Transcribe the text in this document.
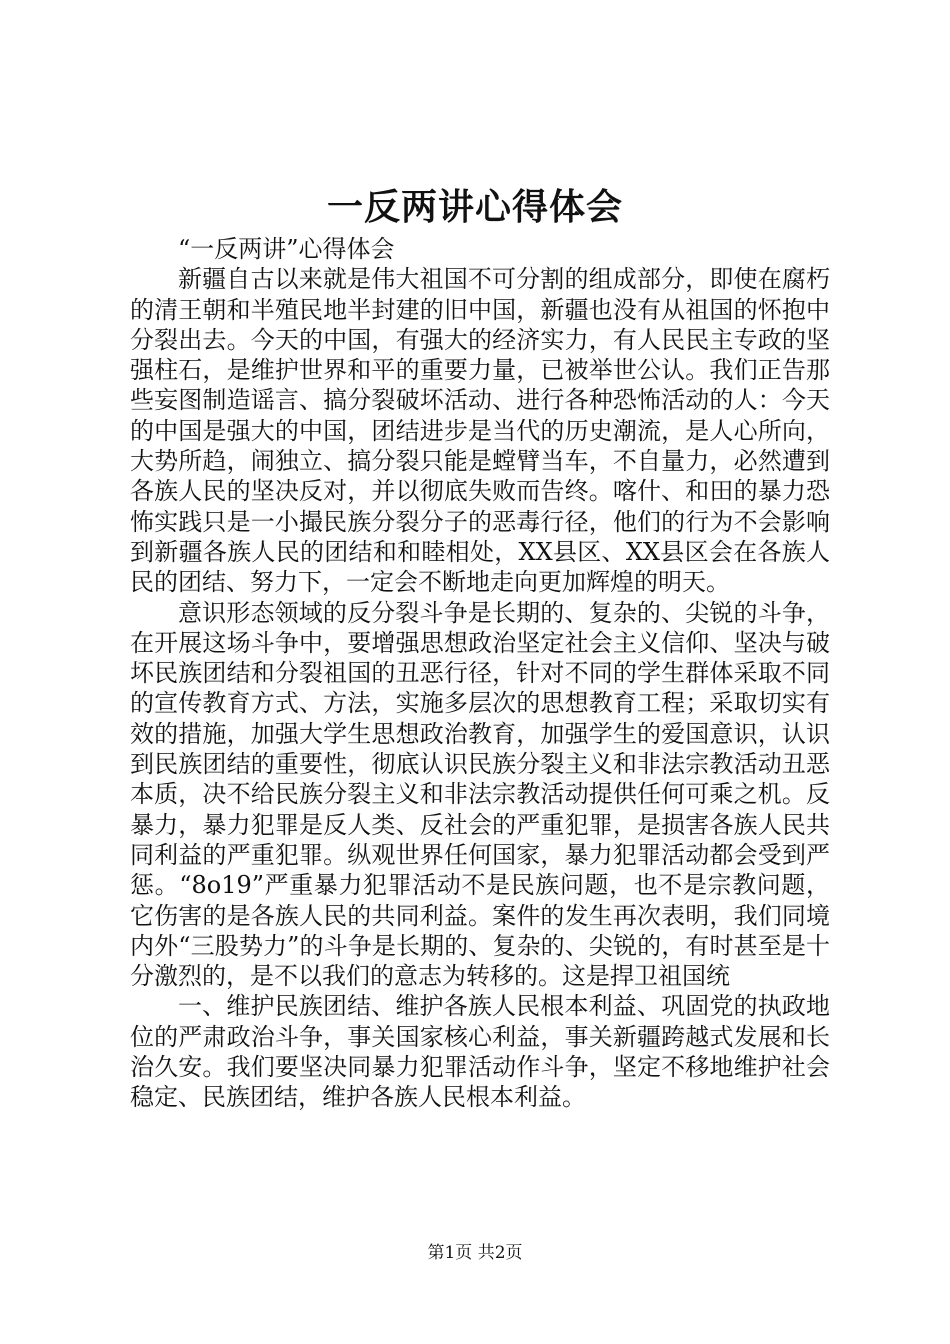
一反两讲心得体会

“一反两讲”心得体会

新疆自古以来就是伟大祖国不可分割的组成部分，即使在腐朽的清王朝和半殖民地半封建的旧中国，新疆也没有从祖国的怀抱中分裂出去。今天的中国，有强大的经济实力，有人民民主专政的坚强柱石，是维护世界和平的重要力量，已被举世公认。我们正告那些妄图制造谣言、搞分裂破坏活动、进行各种恐怖活动的人：今天的中国是强大的中国，团结进步是当代的历史潮流，是人心所向，大势所趋，闹独立、搞分裂只能是螳臂当车，不自量力，必然遭到各族人民的坚决反对，并以彻底失败而告终。喀什、和田的暴力恐怖实践只是一小撮民族分裂分子的恶毒行径，他们的行为不会影响到新疆各族人民的团结和和睦相处，XX县区、XX县区会在各族人民的团结、努力下，一定会不断地走向更加辉煌的明天。

意识形态领域的反分裂斗争是长期的、复杂的、尖锐的斗争，在开展这场斗争中，要增强思想政治坚定社会主义信仰、坚决与破坏民族团结和分裂祖国的丑恶行径，针对不同的学生群体采取不同的宣传教育方式、方法，实施多层次的思想教育工程；采取切实有效的措施，加强大学生思想政治教育，加强学生的爱国意识，认识到民族团结的重要性，彻底认识民族分裂主义和非法宗教活动丑恶本质，决不给民族分裂主义和非法宗教活动提供任何可乘之机。反暴力，暴力犯罪是反人类、反社会的严重犯罪，是损害各族人民共同利益的严重犯罪。纵观世界任何国家，暴力犯罪活动都会受到严惩。“8o19”严重暴力犯罪活动不是民族问题，也不是宗教问题，它伤害的是各族人民的共同利益。案件的发生再次表明，我们同境内外“三股势力”的斗争是长期的、复杂的、尖锐的，有时甚至是十分激烈的，是不以我们的意志为转移的。这是捍卫祖国统

一、维护民族团结、维护各族人民根本利益、巩固党的执政地位的严肃政治斗争，事关国家核心利益，事关新疆跨越式发展和长治久安。我们要坚决同暴力犯罪活动作斗争，坚定不移地维护社会稳定、民族团结，维护各族人民根本利益。

第1页 共2页
